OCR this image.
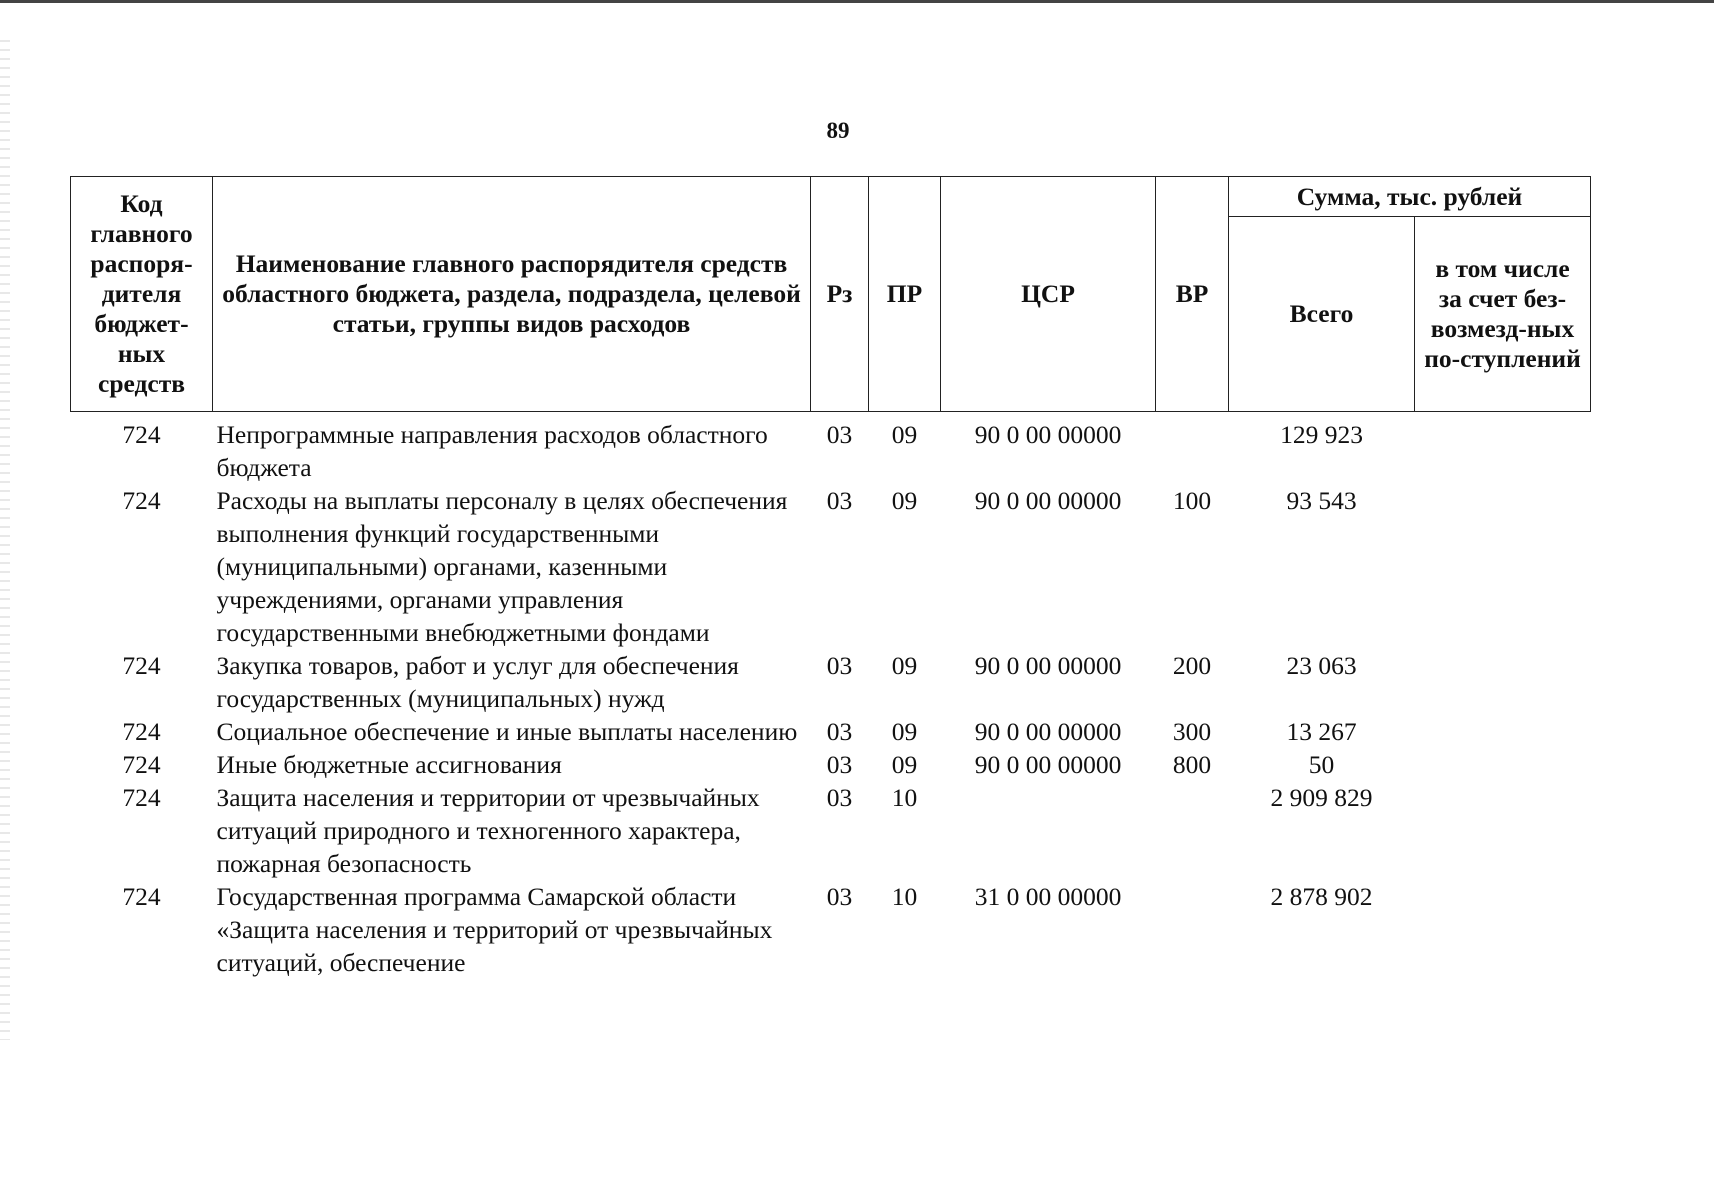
89
Код главного распоря-дителя бюджет-ных средств	Наименование главного распорядителя средств областного бюджета, раздела, подраздела, целевой статьи, группы видов расходов	Рз	ПР	ЦСР	ВР	Сумма, тыс. рублей	
						Всего	в том числе за счет без-возмезд-ных по-ступлений
724	Непрограммные направления расходов областного бюджета	03	09	90 0 00 00000		129 923	
724	Расходы на выплаты персоналу в целях обеспечения выполнения функций государственными (муниципальными) органами, казенными учреждениями, органами управления государственными внебюджетными фондами	03	09	90 0 00 00000	100	93 543	
724	Закупка товаров, работ и услуг для обеспечения государственных (муниципальных) нужд	03	09	90 0 00 00000	200	23 063	
724	Социальное обеспечение и иные выплаты населению	03	09	90 0 00 00000	300	13 267	
724	Иные бюджетные ассигнования	03	09	90 0 00 00000	800	50	
724	Защита населения и территории от чрезвычайных ситуаций природного и техногенного характера, пожарная безопасность	03	10			2 909 829	
724	Государственная программа Самарской области «Защита населения и территорий от чрезвычайных ситуаций, обеспечение	03	10	31 0 00 00000		2 878 902	
